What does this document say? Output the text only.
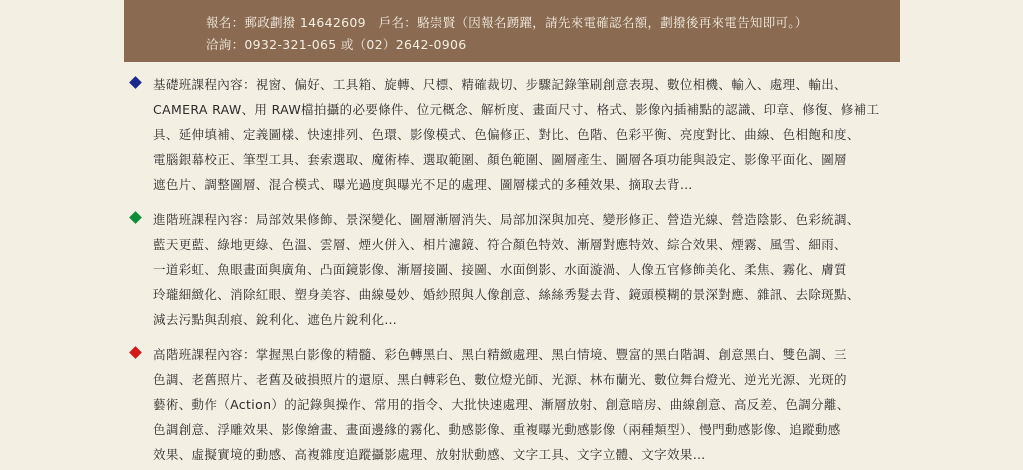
報名：郵政劃撥 14642609　戶名：駱崇賢（因報名踴躍，請先來電確認名額，劃撥後再來電告知即可。）
洽詢：0932-321-065 或（02）2642-0906

基礎班課程內容：視窗、偏好、工具箱、旋轉、尺標、精確裁切、步驟記錄筆刷創意表現、數位相機、輸入、處理、輸出、
CAMERA RAW、用 RAW檔拍攝的必要條件、位元概念、解析度、畫面尺寸、格式、影像內插補點的認識、印章、修復、修補工
具、延伸填補、定義圖樣、快速排列、色環、影像模式、色偏修正、對比、色階、色彩平衡、亮度對比、曲線、色相飽和度、
電腦銀幕校正、筆型工具、套索選取、魔術棒、選取範圍、顏色範圍、圖層產生、圖層各項功能與設定、影像平面化、圖層
遮色片、調整圖層、混合模式、曝光過度與曝光不足的處理、圖層樣式的多種效果、摘取去背…

進階班課程內容：局部效果修飾、景深變化、圖層漸層消失、局部加深與加亮、變形修正、營造光線、營造陰影、色彩統調、
藍天更藍、綠地更綠、色溫、雲層、煙火併入、相片濾鏡、符合顏色特效、漸層對應特效、綜合效果、煙霧、風雪、細雨、
一道彩虹、魚眼畫面與廣角、凸面鏡影像、漸層接圖、接圖、水面倒影、水面漩渦、人像五官修飾美化、柔焦、霧化、膚質
玲瓏細緻化、消除紅眼、塑身美容、曲線曼妙、婚紗照與人像創意、絲絲秀髮去背、鏡頭模糊的景深對應、雜訊、去除斑點、
減去污點與刮痕、銳利化、遮色片銳利化…

高階班課程內容：掌握黑白影像的精髓、彩色轉黑白、黑白精緻處理、黑白情境、豐富的黑白階調、創意黑白、雙色調、三
色調、老舊照片、老舊及破損照片的還原、黑白轉彩色、數位燈光師、光源、林布蘭光、數位舞台燈光、逆光光源、光斑的
藝術、動作（Action）的記錄與操作、常用的指令、大批快速處理、漸層放射、創意暗房、曲線創意、高反差、色調分離、
色調創意、浮雕效果、影像繪畫、畫面邊緣的霧化、動感影像、重複曝光動感影像（兩種類型）、慢門動感影像、追蹤動感
效果、虛擬實境的動感、高複雜度追蹤攝影處理、放射狀動感、文字工具、文字立體、文字效果…
